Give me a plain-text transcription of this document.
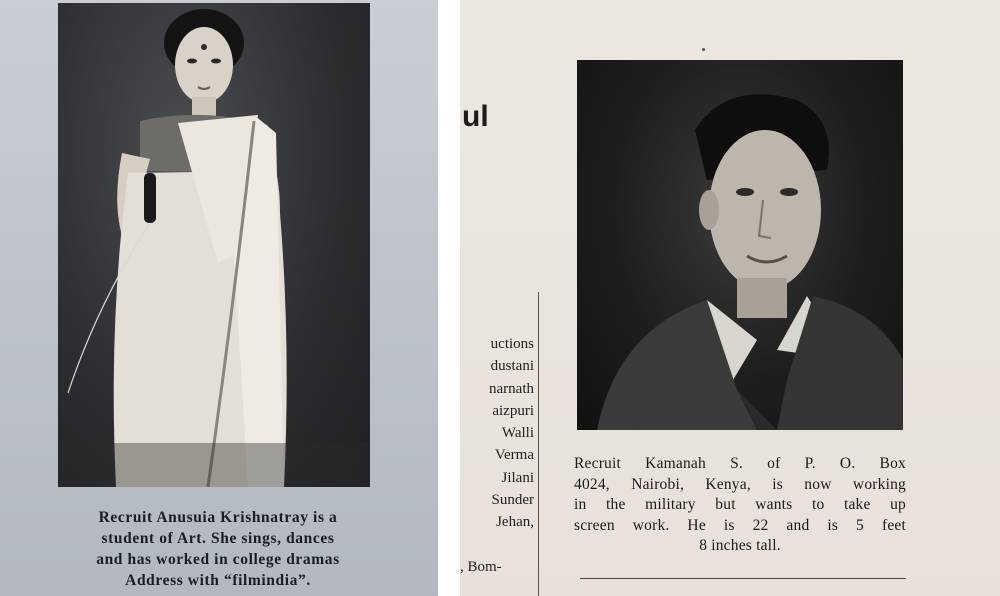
Recruit Anusuia Krishnatray is a
student of Art. She sings, dances
and has worked in college dramas
Address with “filmindia”.
ul
uctions
dustani
narnath
aizpuri
Walli
Verma
Jilani
Sunder
Jehan,

, Bom-
Recruit Kamanah S. of P. O. Box
4024, Nairobi, Kenya, is now working
in the military but wants to take up
screen work. He is 22 and is 5 feet
8 inches tall.
